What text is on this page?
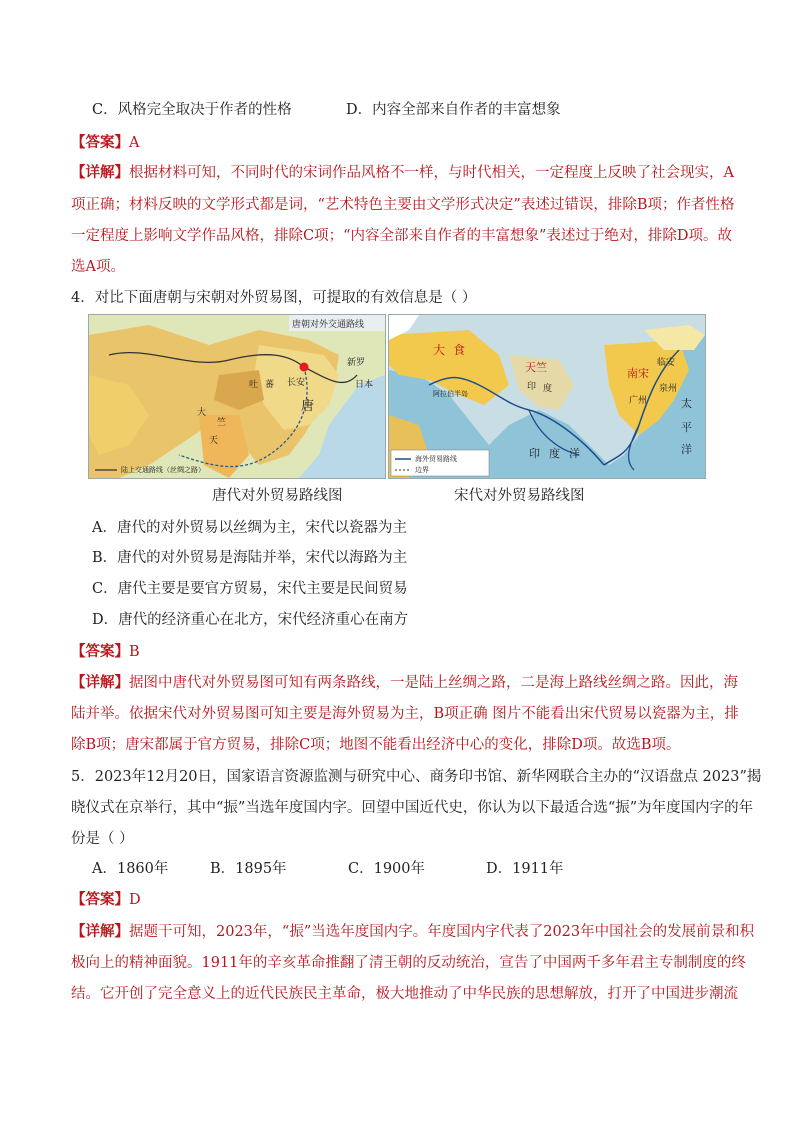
C．风格完全取决于作者的性格	D．内容全部来自作者的丰富想象
【答案】A
【详解】根据材料可知，不同时代的宋词作品风格不一样，与时代相关，一定程度上反映了社会现实，A
项正确；材料反映的文学形式都是词，“艺术特色主要由文学形式决定”表述过错误，排除B项；作者性格
一定程度上影响文学作品风格，排除C项；“内容全部来自作者的丰富想象”表述过于绝对，排除D项。故
选A项。
4．对比下面唐朝与宋朝对外贸易图，可提取的有效信息是（ ）
唐朝对外交通路线
长安
唐
大
竺
天
吐 蕃
新罗
日本
陆上交通路线（丝绸之路）
大 食
天竺
印 度
南宋
临安
广州
泉州
阿拉伯半岛
印 度 洋
太
平
洋
海外贸易路线
边界
唐代对外贸易路线图	宋代对外贸易路线图
A．唐代的对外贸易以丝绸为主，宋代以瓷器为主
B．唐代的对外贸易是海陆并举，宋代以海路为主
C．唐代主要是要官方贸易，宋代主要是民间贸易
D．唐代的经济重心在北方，宋代经济重心在南方
【答案】B
【详解】据图中唐代对外贸易图可知有两条路线，一是陆上丝绸之路，二是海上路线丝绸之路。因此，海
陆并举。依据宋代对外贸易图可知主要是海外贸易为主，B项正确 图片不能看出宋代贸易以瓷器为主，排
除B项；唐宋都属于官方贸易，排除C项；地图不能看出经济中心的变化，排除D项。故选B项。
5．2023年12月20日，国家语言资源监测与研究中心、商务印书馆、新华网联合主办的“汉语盘点 2023”揭
晓仪式在京举行，其中“振”当选年度国内字。回望中国近代史，你认为以下最适合选“振”为年度国内字的年
份是（ ）
A．1860年	B．1895年	C．1900年	D．1911年
【答案】D
【详解】据题干可知，2023年，“振”当选年度国内字。年度国内字代表了2023年中国社会的发展前景和积
极向上的精神面貌。1911年的辛亥革命推翻了清王朝的反动统治，宣告了中国两千多年君主专制制度的终
结。它开创了完全意义上的近代民族民主革命，极大地推动了中华民族的思想解放，打开了中国进步潮流
